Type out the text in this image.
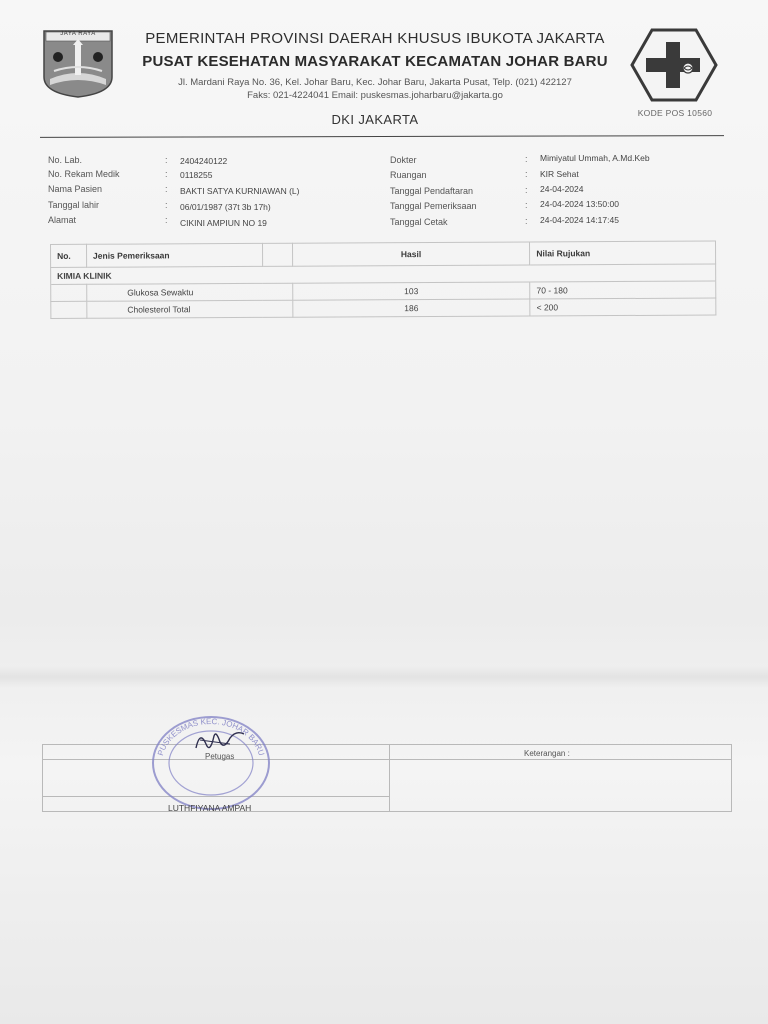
JAYA RAYA	PEMERINTAH PROVINSI DAERAH KHUSUS IBUKOTA JAKARTA
PUSAT KESEHATAN MASYARAKAT KECAMATAN JOHAR BARU
Jl. Mardani Raya No. 36, Kel. Johar Baru, Kec. Johar Baru, Jakarta Pusat, Telp. (021) 422127
Faks: 021-4224041 Email: puskesmas.joharbaru@jakarta.go
DKI JAKARTA	KODE POS 10560
No. Lab.	: 2404240122
No. Rekam Medik	: 0118255
Nama Pasien	: BAKTI SATYA KURNIAWAN (L)
Tanggal lahir	: 06/01/1987 (37t 3b 17h)
Alamat	: CIKINI AMPIUN NO 19
Dokter	: Mimiyatul Ummah, A.Md.Keb
Ruangan	: KIR Sehat
Tanggal Pendaftaran	: 24-04-2024
Tanggal Pemeriksaan	: 24-04-2024 13:50:00
Tanggal Cetak	: 24-04-2024 14:17:45
No.	Jenis Pemeriksaan		Hasil	Nilai Rujukan
KIMIA KLINIK				
	Glukosa Sewaktu		103	70 - 180
	Cholesterol Total		186	< 200

Keterangan :
PUSKESMAS KEC. JOHAR BARU
Petugas
LUTHFIYANA AMPAH
